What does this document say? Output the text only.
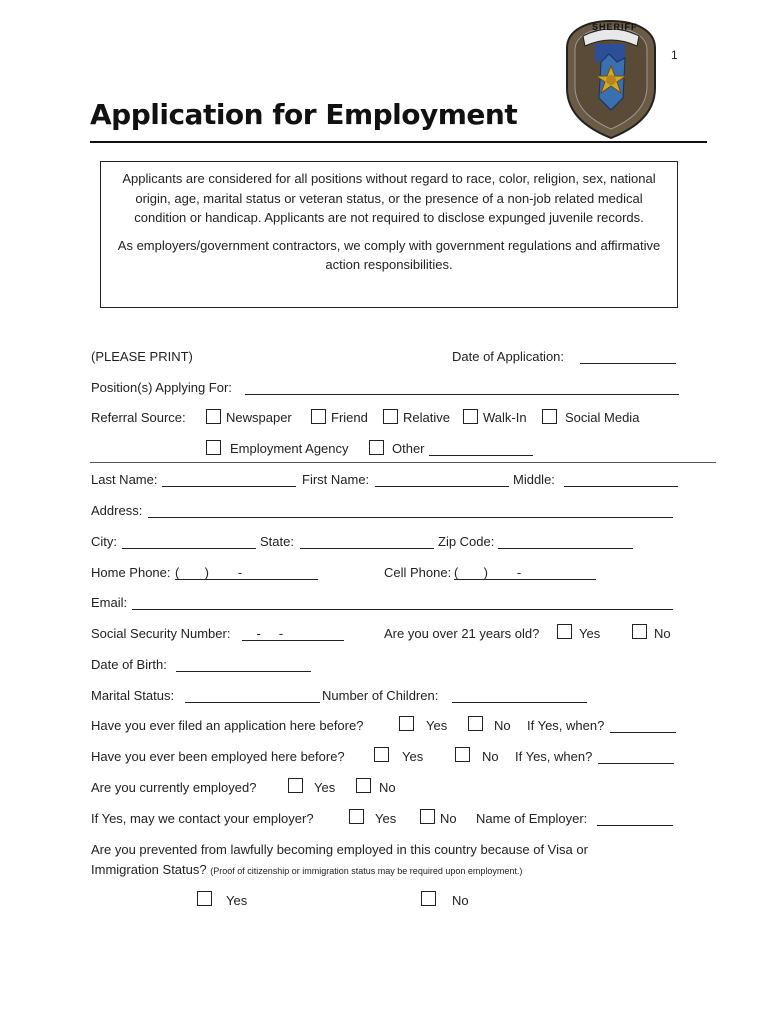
1
SHERIFF
Application for Employment

Applicants are considered for all positions without regard to race, color, religion, sex, national origin, age, marital status or veteran status, or the presence of a non-job related medical condition or handicap. Applicants are not required to disclose expunged juvenile records.

As employers/government contractors, we comply with government regulations and affirmative action responsibilities.

(PLEASE PRINT)	Date of Application:
Position(s) Applying For:
Referral Source:	Newspaper	Friend	Relative	Walk-In	Social Media
Employment Agency	Other
Last Name:	First Name:	Middle:
Address:
City:	State:	Zip Code:
Home Phone: (       )        -	Cell Phone: (       )        -
Email:
Social Security Number: -     -	Are you over 21 years old?	Yes	No
Date of Birth:
Marital Status:	Number of Children:
Have you ever filed an application here before?	Yes	No If Yes, when?
Have you ever been employed here before?	Yes	No If Yes, when?
Are you currently employed?	Yes	No
If Yes, may we contact your employer?	Yes	No Name of Employer:
Are you prevented from lawfully becoming employed in this country because of Visa or
Immigration Status? (Proof of citizenship or immigration status may be required upon employment.)
Yes	No
